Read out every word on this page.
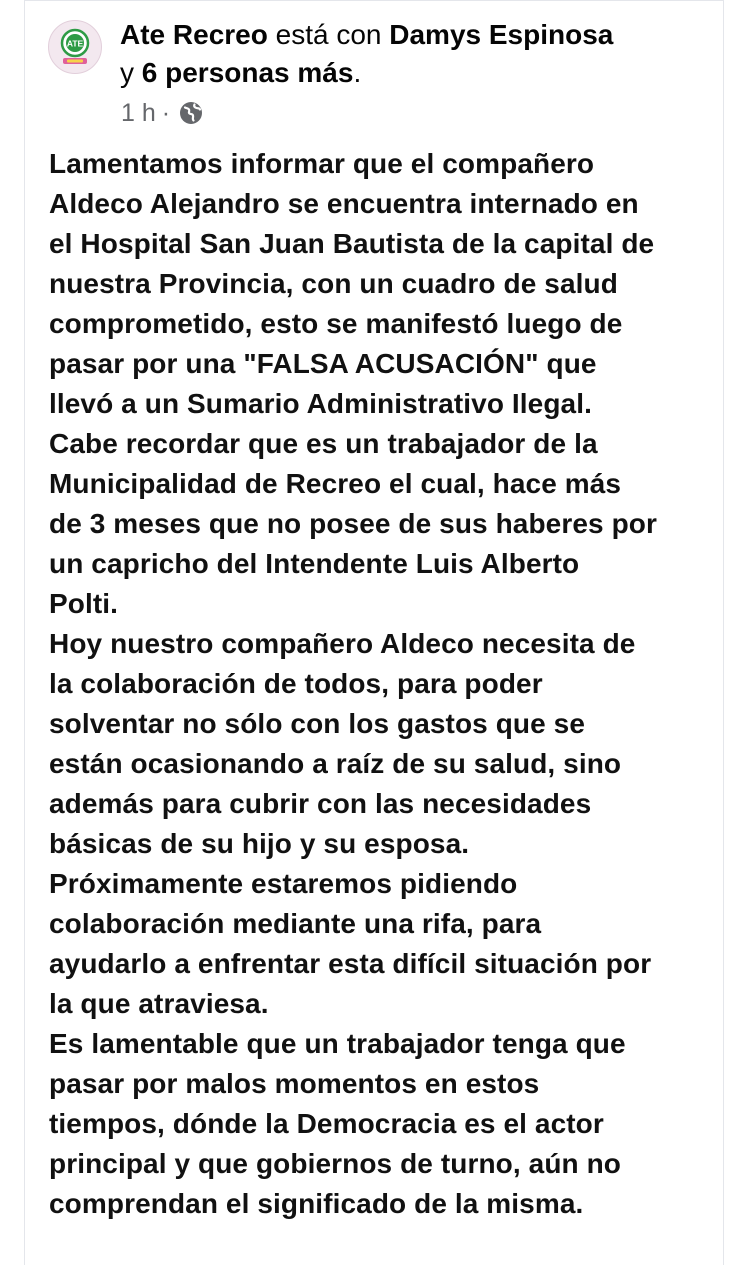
ATE Ate Recreo está con Damys Espinosa
y 6 personas más.
1 h ·

Lamentamos informar que el compañero
Aldeco Alejandro se encuentra internado en
el Hospital San Juan Bautista de la capital de
nuestra Provincia, con un cuadro de salud
comprometido, esto se manifestó luego de
pasar por una "FALSA ACUSACIÓN" que
llevó a un Sumario Administrativo Ilegal.

Cabe recordar que es un trabajador de la
Municipalidad de Recreo el cual, hace más
de 3 meses que no posee de sus haberes por
un capricho del Intendente Luis Alberto
Polti.

Hoy nuestro compañero Aldeco necesita de
la colaboración de todos, para poder
solventar no sólo con los gastos que se
están ocasionando a raíz de su salud, sino
además para cubrir con las necesidades
básicas de su hijo y su esposa.

Próximamente estaremos pidiendo
colaboración mediante una rifa, para
ayudarlo a enfrentar esta difícil situación por
la que atraviesa.

Es lamentable que un trabajador tenga que
pasar por malos momentos en estos
tiempos, dónde la Democracia es el actor
principal y que gobiernos de turno, aún no
comprendan el significado de la misma.
